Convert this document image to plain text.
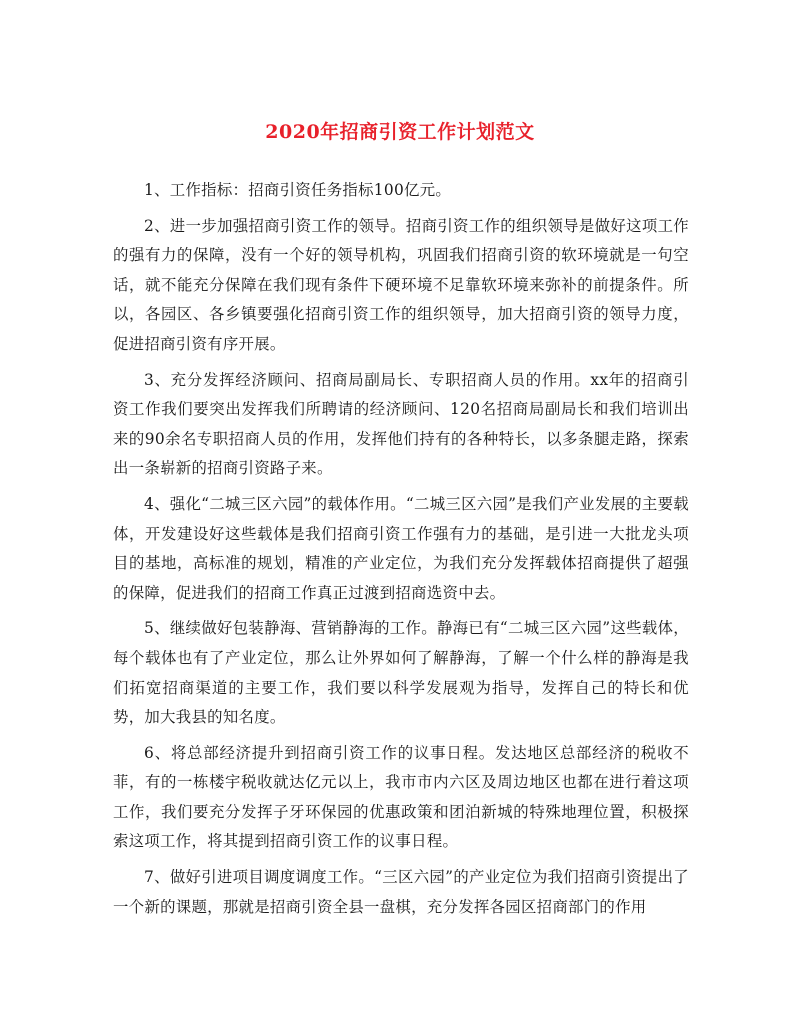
2020年招商引资工作计划范文

1、工作指标：招商引资任务指标100亿元。

2、进一步加强招商引资工作的领导。招商引资工作的组织领导是做好这项工作的强有力的保障，没有一个好的领导机构，巩固我们招商引资的软环境就是一句空话，就不能充分保障在我们现有条件下硬环境不足靠软环境来弥补的前提条件。所以，各园区、各乡镇要强化招商引资工作的组织领导，加大招商引资的领导力度，促进招商引资有序开展。

3、充分发挥经济顾问、招商局副局长、专职招商人员的作用。xx年的招商引资工作我们要突出发挥我们所聘请的经济顾问、120名招商局副局长和我们培训出来的90余名专职招商人员的作用，发挥他们持有的各种特长，以多条腿走路，探索出一条崭新的招商引资路子来。

4、强化“二城三区六园”的载体作用。“二城三区六园”是我们产业发展的主要载体，开发建设好这些载体是我们招商引资工作强有力的基础，是引进一大批龙头项目的基地，高标准的规划，精准的产业定位，为我们充分发挥载体招商提供了超强的保障，促进我们的招商工作真正过渡到招商选资中去。

5、继续做好包装静海、营销静海的工作。静海已有“二城三区六园”这些载体，每个载体也有了产业定位，那么让外界如何了解静海，了解一个什么样的静海是我们拓宽招商渠道的主要工作，我们要以科学发展观为指导，发挥自己的特长和优势，加大我县的知名度。

6、将总部经济提升到招商引资工作的议事日程。发达地区总部经济的税收不菲，有的一栋楼宇税收就达亿元以上，我市市内六区及周边地区也都在进行着这项工作，我们要充分发挥子牙环保园的优惠政策和团泊新城的特殊地理位置，积极探索这项工作，将其提到招商引资工作的议事日程。

7、做好引进项目调度调度工作。“三区六园”的产业定位为我们招商引资提出了一个新的课题，那就是招商引资全县一盘棋，充分发挥各园区招商部门的作用
